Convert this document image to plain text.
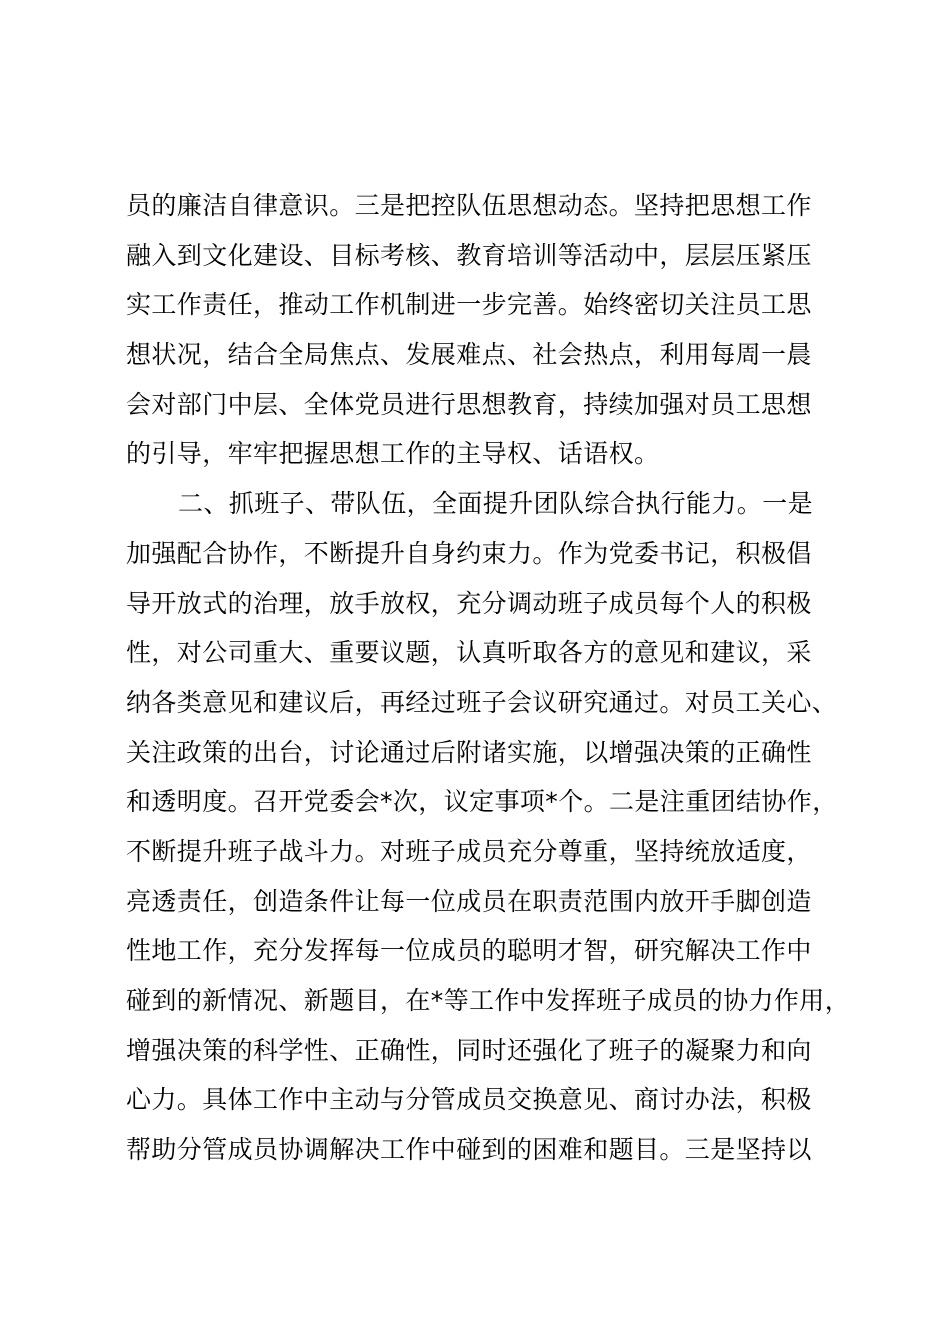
员的廉洁自律意识。三是把控队伍思想动态。坚持把思想工作
融入到文化建设、目标考核、教育培训等活动中，层层压紧压
实工作责任，推动工作机制进一步完善。始终密切关注员工思
想状况，结合全局焦点、发展难点、社会热点，利用每周一晨
会对部门中层、全体党员进行思想教育，持续加强对员工思想
的引导，牢牢把握思想工作的主导权、话语权。
二、抓班子、带队伍，全面提升团队综合执行能力。一是
加强配合协作，不断提升自身约束力。作为党委书记，积极倡
导开放式的治理，放手放权，充分调动班子成员每个人的积极
性，对公司重大、重要议题，认真听取各方的意见和建议，采
纳各类意见和建议后，再经过班子会议研究通过。对员工关心、
关注政策的出台，讨论通过后附诸实施，以增强决策的正确性
和透明度。召开党委会*次，议定事项*个。二是注重团结协作，
不断提升班子战斗力。对班子成员充分尊重，坚持统放适度，
亮透责任，创造条件让每一位成员在职责范围内放开手脚创造
性地工作，充分发挥每一位成员的聪明才智，研究解决工作中
碰到的新情况、新题目，在*等工作中发挥班子成员的协力作用，
增强决策的科学性、正确性，同时还强化了班子的凝聚力和向
心力。具体工作中主动与分管成员交换意见、商讨办法，积极
帮助分管成员协调解决工作中碰到的困难和题目。三是坚持以
